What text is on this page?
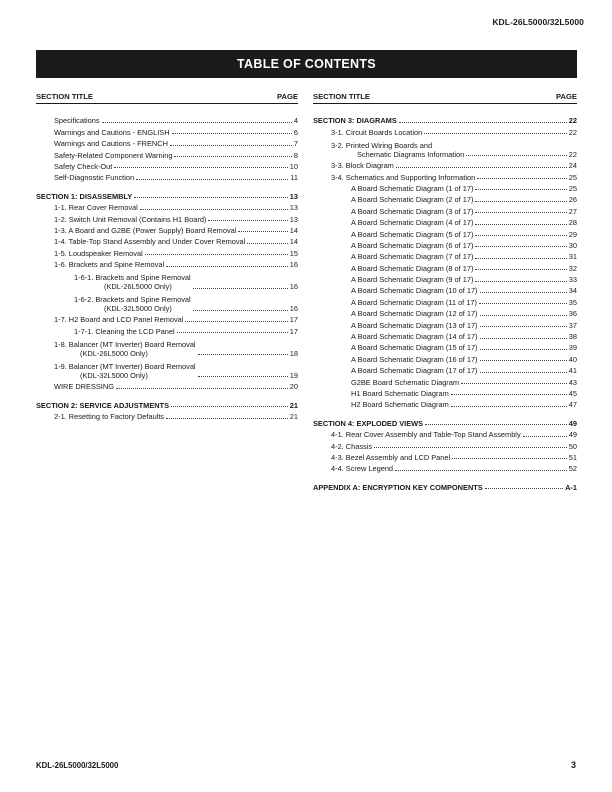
KDL-26L5000/32L5000
TABLE OF CONTENTS
SECTION TITLE	PAGE
Specifications	4
Warnings and Cautions - ENGLISH	6
Warnings and Cautions - FRENCH	7
Safety-Related Component Warning	8
Safety Check-Out	10
Self-Diagnostic Function	11
SECTION 1: DISASSEMBLY	13
1-1. Rear Cover Removal	13
1-2. Switch Unit Removal (Contains H1 Board)	13
1-3. A Board and G2BE (Power Supply) Board Removal	14
1-4. Table-Top Stand Assembly and Under Cover Removal	14
1-5. Loudspeaker Removal	15
1-6. Brackets and Spine Removal	16
1-6-1. Brackets and Spine Removal
(KDL-26L5000 Only)	16
1-6-2. Brackets and Spine Removal
(KDL-32L5000 Only)	16
1-7. H2 Board and LCD Panel Removal	17
1-7-1. Cleaning the LCD Panel	17
1-8. Balancer (MT Inverter) Board Removal
(KDL-26L5000 Only)	18
1-9. Balancer (MT Inverter) Board Removal
(KDL-32L5000 Only)	19
WIRE DRESSING	20
SECTION 2: SERVICE ADJUSTMENTS	21
2-1. Resetting to Factory Defaults	21
SECTION TITLE	PAGE
SECTION 3: DIAGRAMS	22
3-1. Circuit Boards Location	22
3-2. Printed Wiring Boards and
Schematic Diagrams Information	22
3-3. Block Diagram	24
3-4. Schematics and Supporting Information	25
A Board Schematic Diagram (1 of 17)	25
A Board Schematic Diagram (2 of 17)	26
A Board Schematic Diagram (3 of 17)	27
A Board Schematic Diagram (4 of 17)	28
A Board Schematic Diagram (5 of 17)	29
A Board Schematic Diagram (6 of 17)	30
A Board Schematic Diagram (7 of 17)	31
A Board Schematic Diagram (8 of 17)	32
A Board Schematic Diagram (9 of 17)	33
A Board Schematic Diagram (10 of 17)	34
A Board Schematic Diagram (11 of 17)	35
A Board Schematic Diagram (12 of 17)	36
A Board Schematic Diagram (13 of 17)	37
A Board Schematic Diagram (14 of 17)	38
A Board Schematic Diagram (15 of 17)	39
A Board Schematic Diagram (16 of 17)	40
A Board Schematic Diagram (17 of 17)	41
G2BE Board Schematic Diagram	43
H1 Board Schematic Diagram	45
H2 Board Schematic Diagram	47
SECTION 4: EXPLODED VIEWS	49
4-1. Rear Cover Assembly and Table-Top Stand Assembly	49
4-2. Chassis	50
4-3. Bezel Assembly and LCD Panel	51
4-4. Screw Legend	52
APPENDIX A: ENCRYPTION KEY COMPONENTS	A-1
KDL-26L5000/32L5000	3
